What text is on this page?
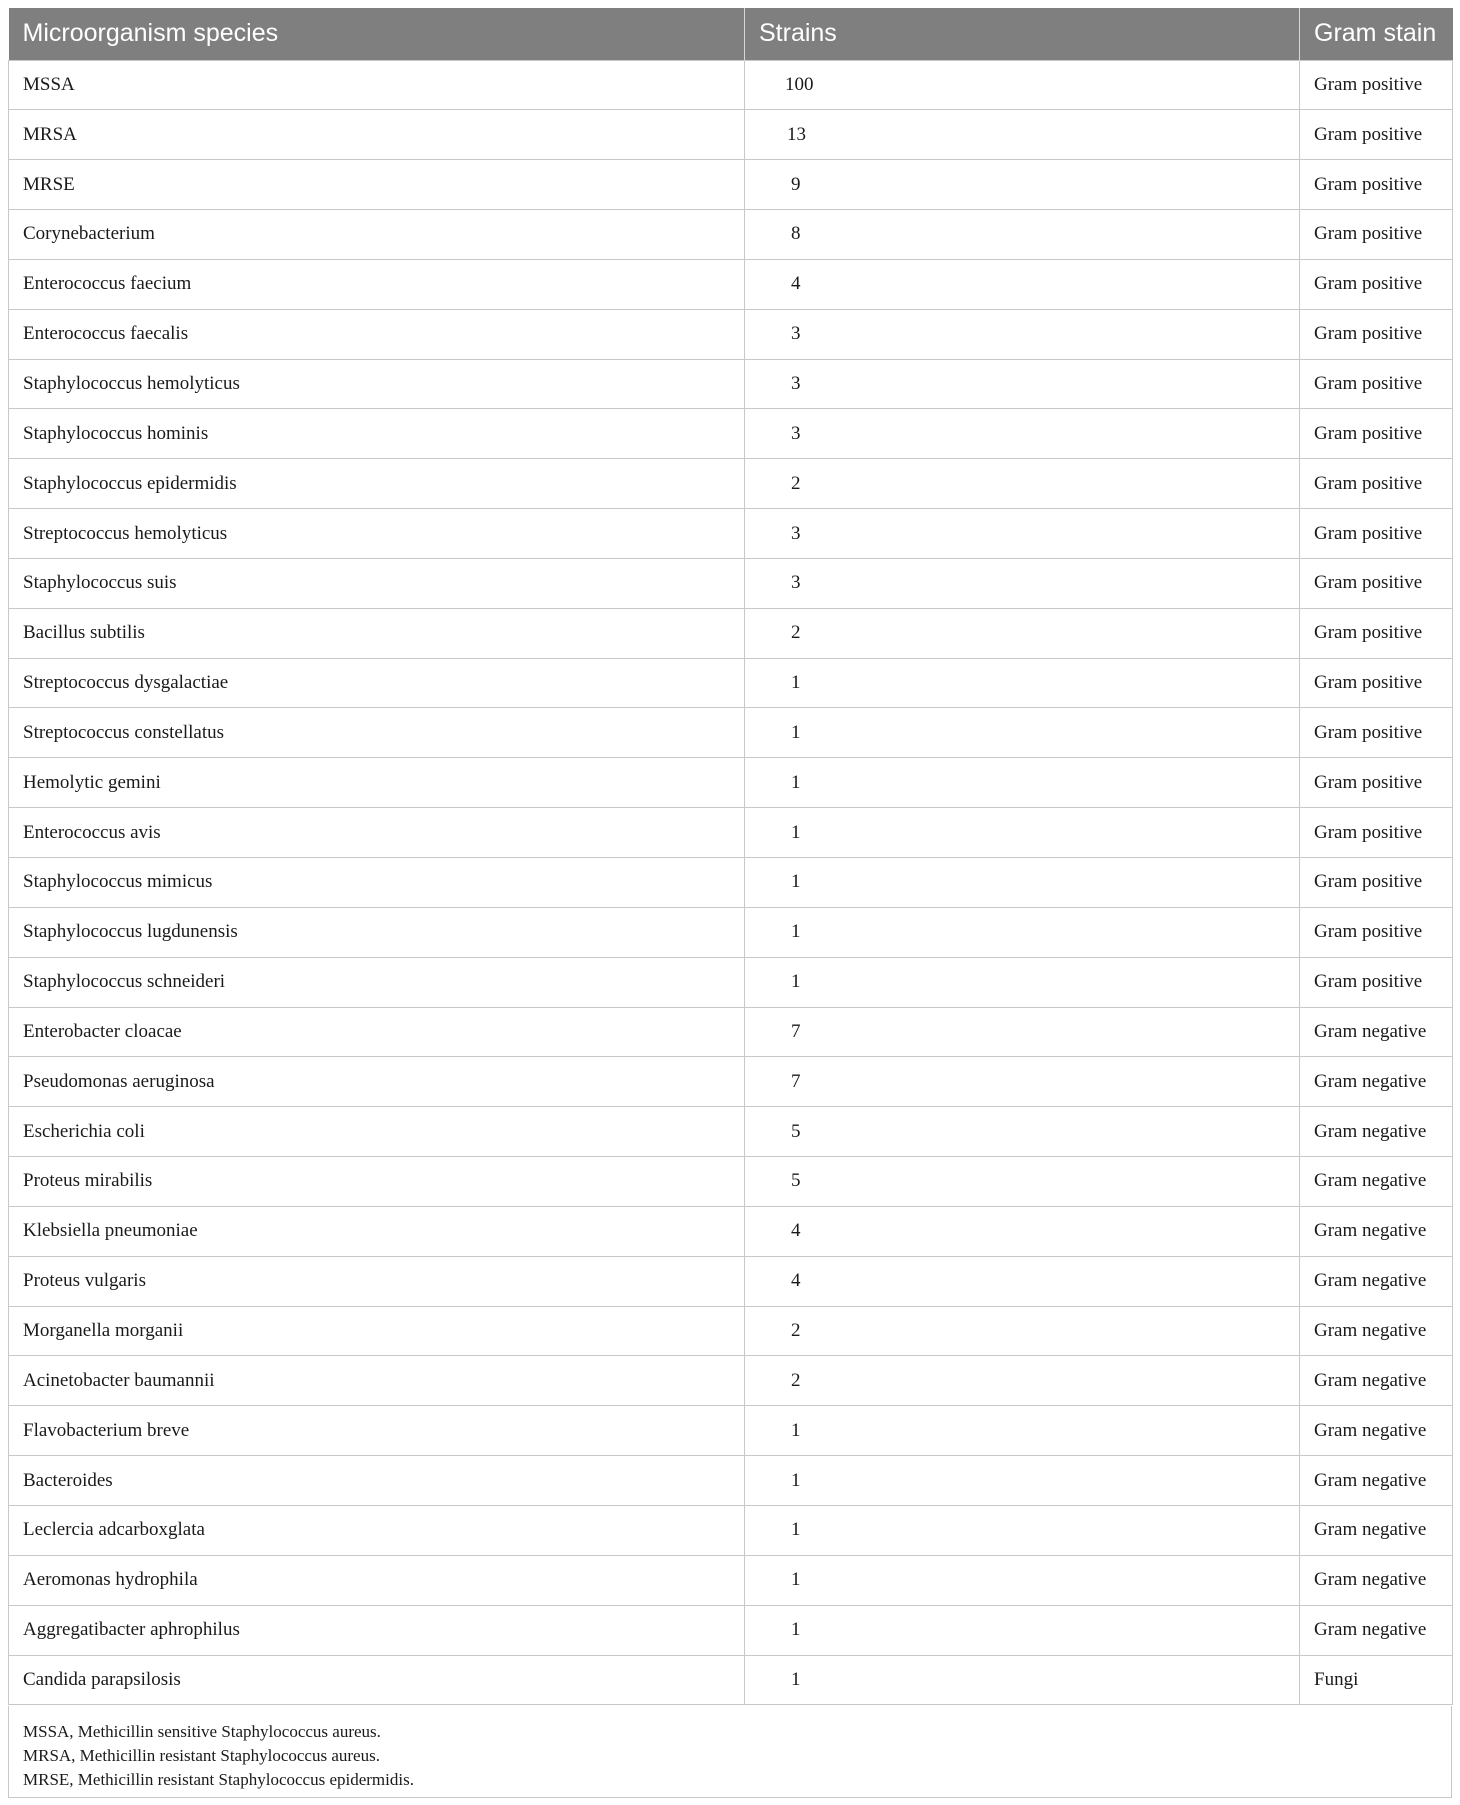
Microorganism species	Strains	Gram stain
MSSA	100	Gram positive
MRSA	13	Gram positive
MRSE	9	Gram positive
Corynebacterium	8	Gram positive
Enterococcus faecium	4	Gram positive
Enterococcus faecalis	3	Gram positive
Staphylococcus hemolyticus	3	Gram positive
Staphylococcus hominis	3	Gram positive
Staphylococcus epidermidis	2	Gram positive
Streptococcus hemolyticus	3	Gram positive
Staphylococcus suis	3	Gram positive
Bacillus subtilis	2	Gram positive
Streptococcus dysgalactiae	1	Gram positive
Streptococcus constellatus	1	Gram positive
Hemolytic gemini	1	Gram positive
Enterococcus avis	1	Gram positive
Staphylococcus mimicus	1	Gram positive
Staphylococcus lugdunensis	1	Gram positive
Staphylococcus schneideri	1	Gram positive
Enterobacter cloacae	7	Gram negative
Pseudomonas aeruginosa	7	Gram negative
Escherichia coli	5	Gram negative
Proteus mirabilis	5	Gram negative
Klebsiella pneumoniae	4	Gram negative
Proteus vulgaris	4	Gram negative
Morganella morganii	2	Gram negative
Acinetobacter baumannii	2	Gram negative
Flavobacterium breve	1	Gram negative
Bacteroides	1	Gram negative
Leclercia adcarboxglata	1	Gram negative
Aeromonas hydrophila	1	Gram negative
Aggregatibacter aphrophilus	1	Gram negative
Candida parapsilosis	1	Fungi
MSSA, Methicillin sensitive Staphylococcus aureus.
MRSA, Methicillin resistant Staphylococcus aureus.
MRSE, Methicillin resistant Staphylococcus epidermidis.
